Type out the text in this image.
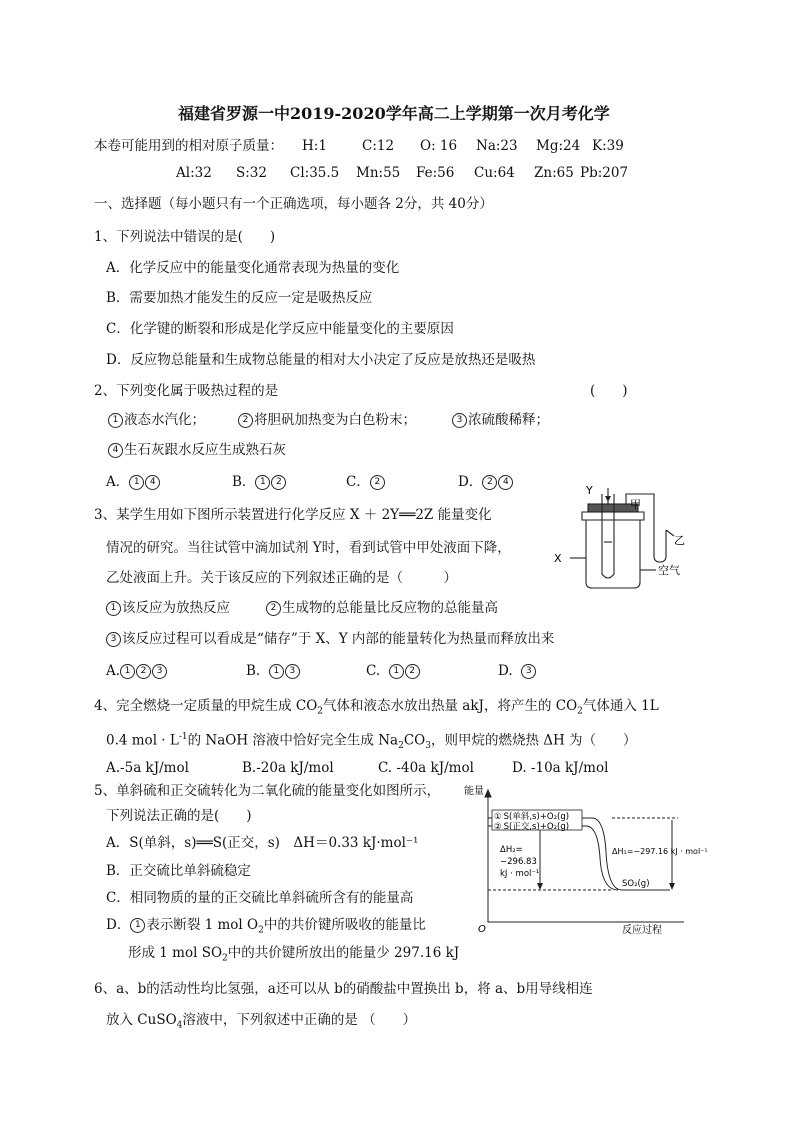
福建省罗源一中2019-2020学年高二上学期第一次月考化学
本卷可能用到的相对原子质量： H:1	C:12 O: 16 Na:23 Mg:24 K:39
Al:32 S:32 Cl:35.5 Mn:55 Fe:56 Cu:64 Zn:65 Pb:207
一、选择题（每小题只有一个正确选项，每小题各 2分，共 40分）
1、下列说法中错误的是(　　)
A．化学反应中的能量变化通常表现为热量的变化
B．需要加热才能发生的反应一定是吸热反应
C．化学键的断裂和形成是化学反应中能量变化的主要原因
D．反应物总能量和生成物总能量的相对大小决定了反应是放热还是吸热
2、下列变化属于吸热过程的是	(　　)
1 液态水汽化；	2 将胆矾加热变为白色粉末；	3 浓硫酸稀释；
4 生石灰跟水反应生成熟石灰
A． 1 4	B． 1 2	C． 2	D． 2 4
3、某学生用如下图所示装置进行化学反应 X ＋ 2Y══2Z 能量变化
情况的研究。当往试管中滴加试剂 Y时，看到试管中甲处液面下降，
乙处液面上升。关于该反应的下列叙述正确的是（　　　）
1 该反应为放热反应	2 生成物的总能量比反应物的总能量高
3 该反应过程可以看成是“储存”于 X、Y 内部的能量转化为热量而释放出来
A. 1 2 3	B. 1 3	C. 1 2	D. 3
Y
甲
乙
X
空气
4、完全燃烧一定质量的甲烷生成 $CO_2$气体和液态水放出热量 akJ，将产生的 $CO_2$气体通入 1L
0.4 mol · $L^{-1}$的 NaOH 溶液中恰好完全生成 $Na_2CO_3$，则甲烷的燃烧热 ΔH 为（　　）
A.-5a kJ/mol	B.-20a kJ/mol	C. -40a kJ/mol	D. -10a kJ/mol
5、单斜硫和正交硫转化为二氧化硫的能量变化如图所示，
下列说法正确的是(　　)
A．S(单斜，s)══S(正交，s)　ΔH＝0.33 kJ·mol⁻¹
B．正交硫比单斜硫稳定
C．相同物质的量的正交硫比单斜硫所含有的能量高
D． 1 表示断裂 1 mol $O_2$中的共价键所吸收的能量比
形成 1 mol $SO_2$中的共价键所放出的能量少 297.16 kJ
能量
① S(单斜,s)+O₂(g)
② S(正交,s)+O₂(g)
ΔH₂=
−296.83
kJ · mol⁻¹
ΔH₁=−297.16 kJ · mol⁻¹
SO₂(g)
O	反应过程
6、a、b的活动性均比氢强，a还可以从 b的硝酸盐中置换出 b，将 a、b用导线相连
放入 CuSO$_4$溶液中，下列叙述中正确的是 （　　）
